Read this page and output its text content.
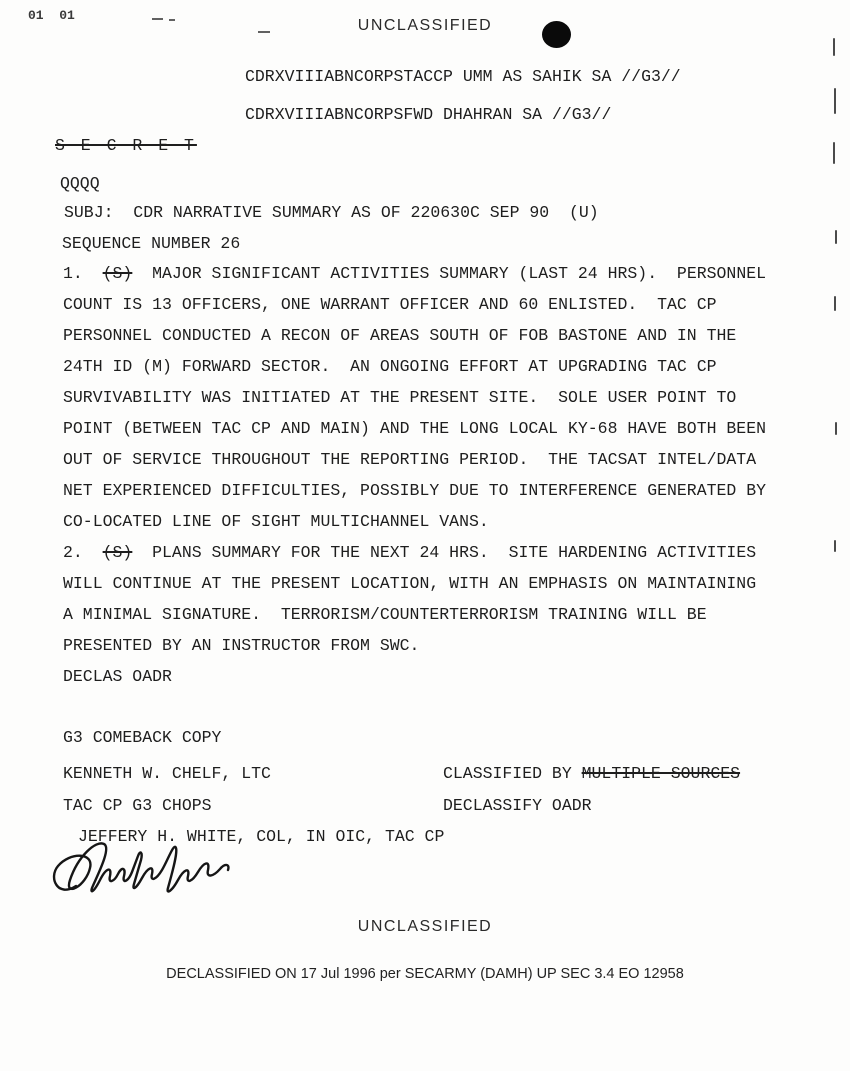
01  01
UNCLASSIFIED
CDRXVIIIABNCORPSTACCP UMM AS SAHIK SA //G3//
CDRXVIIIABNCORPSFWD DHAHRAN SA //G3//
S E C R E T
QQQQ
SUBJ:  CDR NARRATIVE SUMMARY AS OF 220630C SEP 90  (U)
SEQUENCE NUMBER 26
1.  (S)  MAJOR SIGNIFICANT ACTIVITIES SUMMARY (LAST 24 HRS).  PERSONNEL
COUNT IS 13 OFFICERS, ONE WARRANT OFFICER AND 60 ENLISTED.  TAC CP
PERSONNEL CONDUCTED A RECON OF AREAS SOUTH OF FOB BASTONE AND IN THE
24TH ID (M) FORWARD SECTOR.  AN ONGOING EFFORT AT UPGRADING TAC CP
SURVIVABILITY WAS INITIATED AT THE PRESENT SITE.  SOLE USER POINT TO
POINT (BETWEEN TAC CP AND MAIN) AND THE LONG LOCAL KY-68 HAVE BOTH BEEN
OUT OF SERVICE THROUGHOUT THE REPORTING PERIOD.  THE TACSAT INTEL/DATA
NET EXPERIENCED DIFFICULTIES, POSSIBLY DUE TO INTERFERENCE GENERATED BY
CO-LOCATED LINE OF SIGHT MULTICHANNEL VANS.
2.  (S)  PLANS SUMMARY FOR THE NEXT 24 HRS.  SITE HARDENING ACTIVITIES
WILL CONTINUE AT THE PRESENT LOCATION, WITH AN EMPHASIS ON MAINTAINING
A MINIMAL SIGNATURE.  TERRORISM/COUNTERTERRORISM TRAINING WILL BE
PRESENTED BY AN INSTRUCTOR FROM SWC.
DECLAS OADR
G3 COMEBACK COPY
KENNETH W. CHELF, LTC	CLASSIFIED BY MULTIPLE SOURCES
TAC CP G3 CHOPS	DECLASSIFY OADR
JEFFERY H. WHITE, COL, IN OIC, TAC CP
UNCLASSIFIED
DECLASSIFIED ON 17 Jul 1996 per SECARMY (DAMH) UP SEC 3.4 EO 12958
